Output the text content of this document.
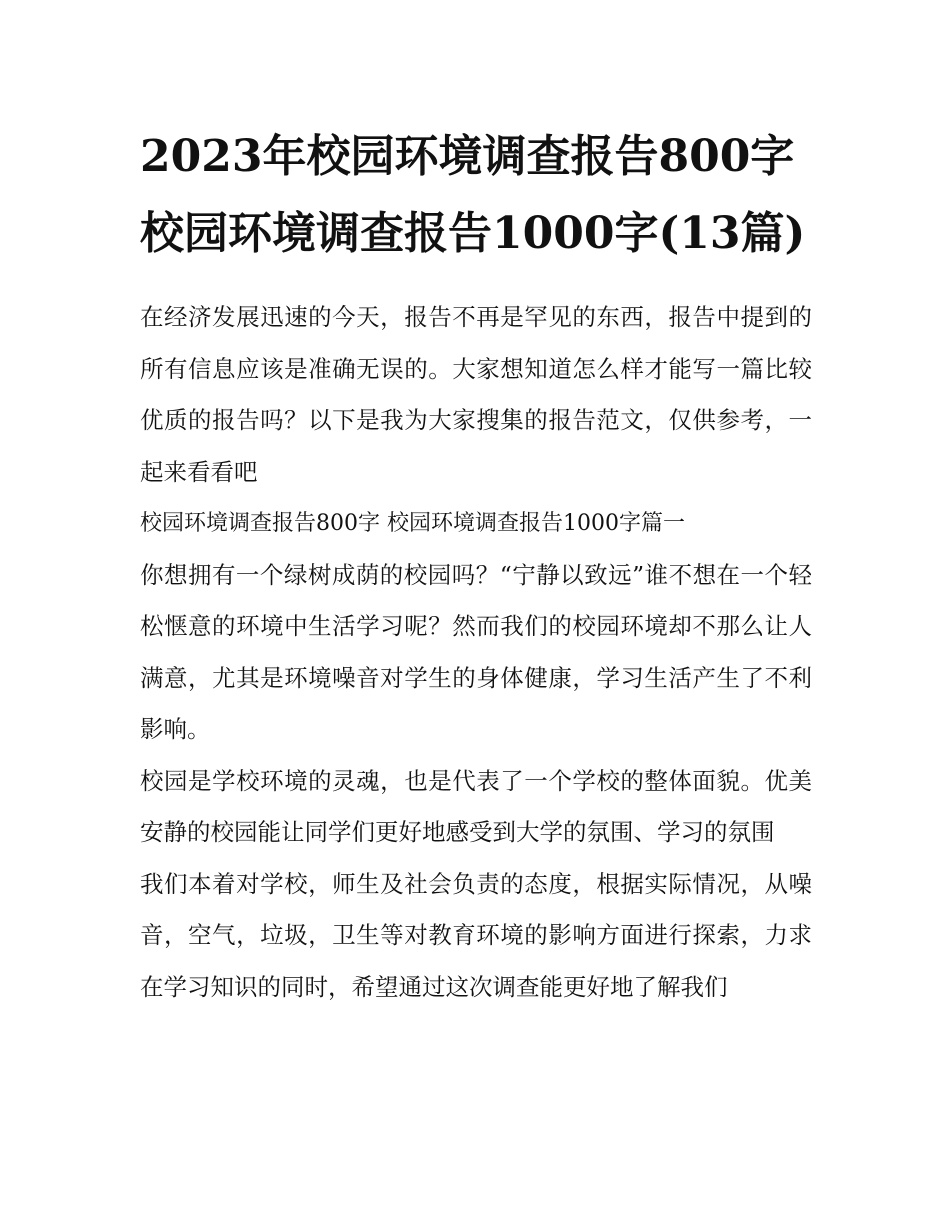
2023年校园环境调查报告800字 校园环境调查报告1000字(13篇)

在经济发展迅速的今天，报告不再是罕见的东西，报告中提到的所有信息应该是准确无误的。大家想知道怎么样才能写一篇比较优质的报告吗？以下是我为大家搜集的报告范文，仅供参考，一起来看看吧

校园环境调查报告800字 校园环境调查报告1000字篇一

你想拥有一个绿树成荫的校园吗？“宁静以致远”谁不想在一个轻松惬意的环境中生活学习呢？然而我们的校园环境却不那么让人满意，尤其是环境噪音对学生的身体健康，学习生活产生了不利影响。

校园是学校环境的灵魂，也是代表了一个学校的整体面貌。优美安静的校园能让同学们更好地感受到大学的氛围、学习的氛围

我们本着对学校，师生及社会负责的态度，根据实际情况，从噪音，空气，垃圾，卫生等对教育环境的影响方面进行探索，力求在学习知识的同时，希望通过这次调查能更好地了解我们
